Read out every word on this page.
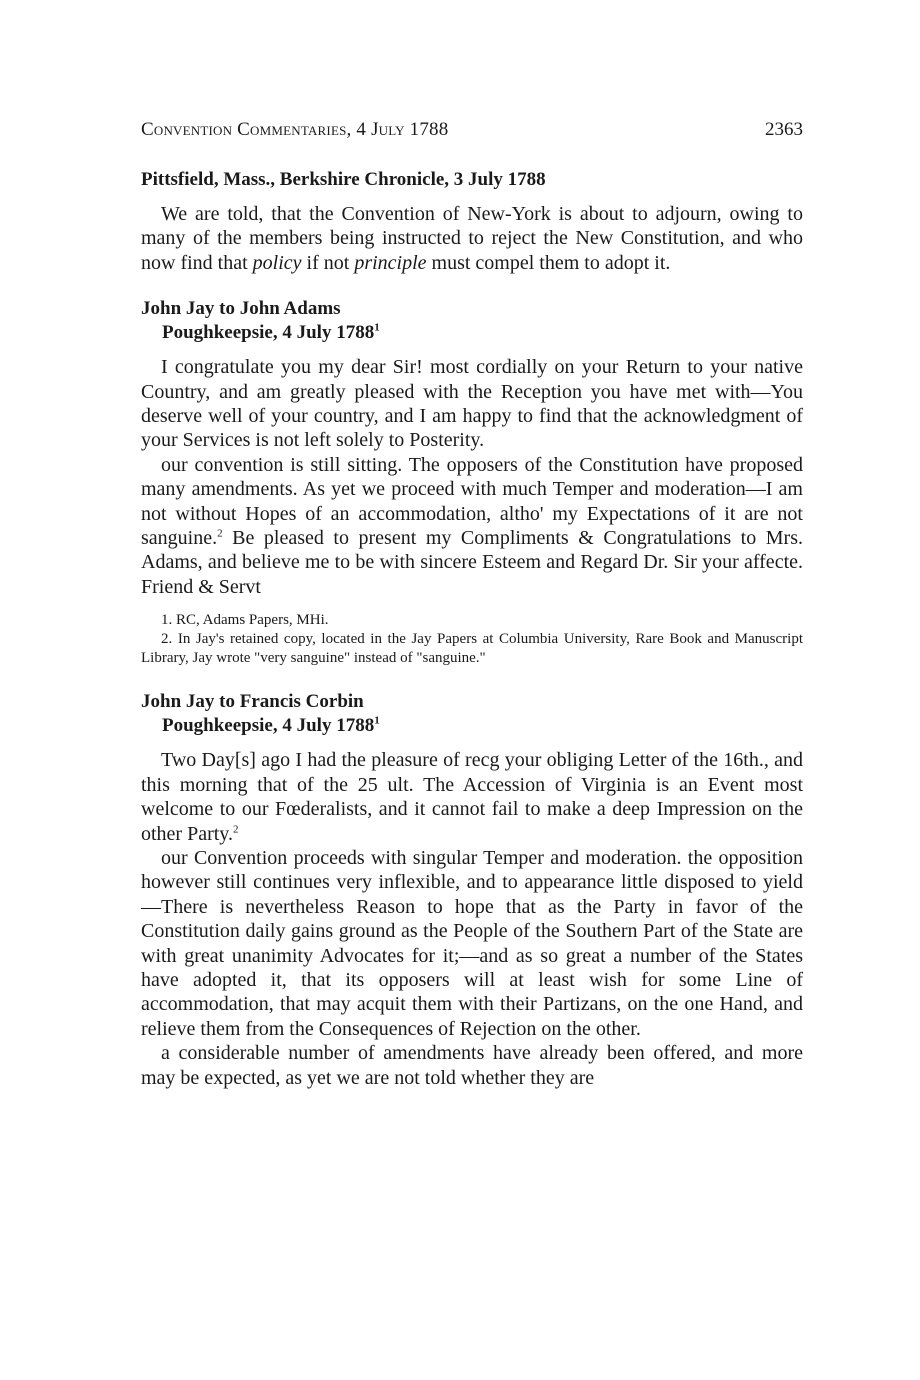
Convention Commentaries, 4 July 1788	2363
Pittsfield, Mass., Berkshire Chronicle, 3 July 1788

We are told, that the Convention of New-York is about to adjourn, owing to many of the members being instructed to reject the New Constitution, and who now find that policy if not principle must compel them to adopt it.

John Jay to John Adams
Poughkeepsie, 4 July 1788$^1$

I congratulate you my dear Sir! most cordially on your Return to your native Country, and am greatly pleased with the Reception you have met with—You deserve well of your country, and I am happy to find that the acknowledgment of your Services is not left solely to Posterity.

our convention is still sitting. The opposers of the Constitution have proposed many amendments. As yet we proceed with much Temper and moderation—I am not without Hopes of an accommodation, altho' my Expectations of it are not sanguine.$^2$ Be pleased to present my Compliments & Congratulations to Mrs. Adams, and believe me to be with sincere Esteem and Regard Dr. Sir your affecte. Friend & Servt

1. RC, Adams Papers, MHi.

2. In Jay's retained copy, located in the Jay Papers at Columbia University, Rare Book and Manuscript Library, Jay wrote "very sanguine" instead of "sanguine."

John Jay to Francis Corbin
Poughkeepsie, 4 July 1788$^1$

Two Day[s] ago I had the pleasure of recg your obliging Letter of the 16th., and this morning that of the 25 ult. The Accession of Virginia is an Event most welcome to our Fœderalists, and it cannot fail to make a deep Impression on the other Party.$^2$

our Convention proceeds with singular Temper and moderation. the opposition however still continues very inflexible, and to appearance little disposed to yield—There is nevertheless Reason to hope that as the Party in favor of the Constitution daily gains ground as the People of the Southern Part of the State are with great unanimity Advocates for it;—and as so great a number of the States have adopted it, that its opposers will at least wish for some Line of accommodation, that may acquit them with their Partizans, on the one Hand, and relieve them from the Consequences of Rejection on the other.

a considerable number of amendments have already been offered, and more may be expected, as yet we are not told whether they are
